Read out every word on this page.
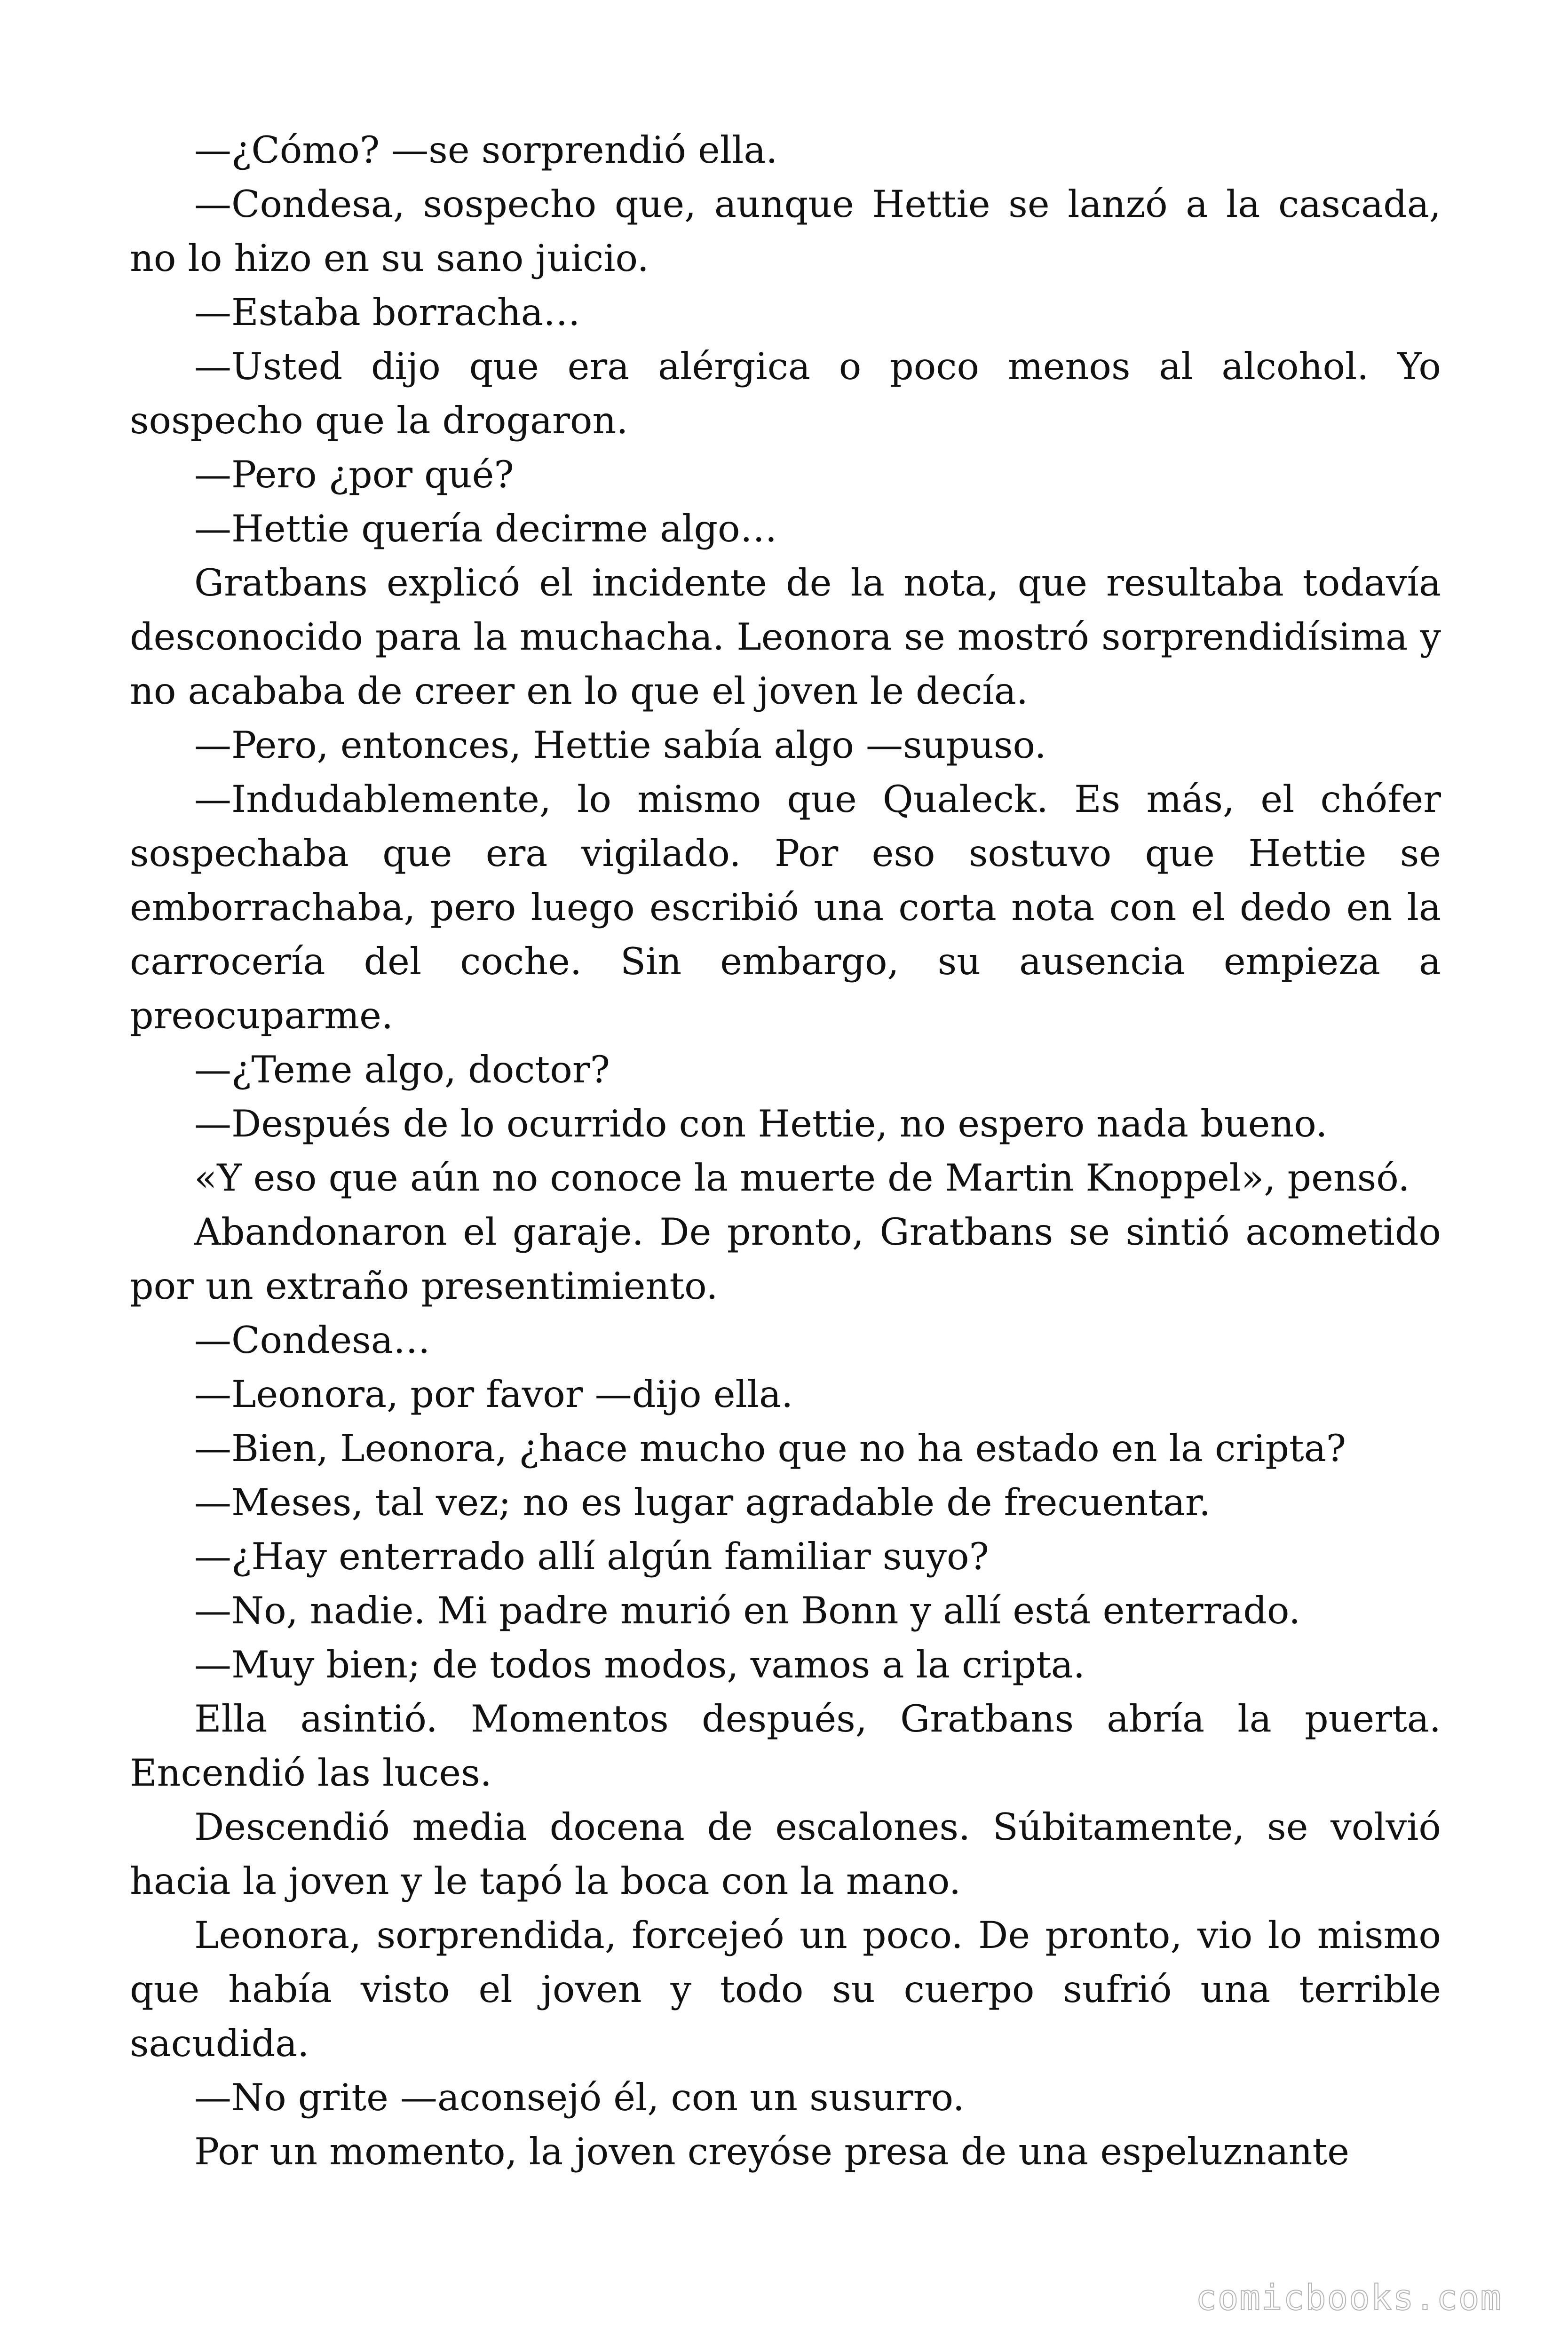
—¿Cómo? —se sorprendió ella.

—Condesa, sospecho que, aunque Hettie se lanzó a la cascada, no lo hizo en su sano juicio.

—Estaba borracha…

—Usted dijo que era alérgica o poco menos al alcohol. Yo sospecho que la drogaron.

—Pero ¿por qué?

—Hettie quería decirme algo…

Gratbans explicó el incidente de la nota, que resultaba todavía desconocido para la muchacha. Leonora se mostró sorprendidísima y no acababa de creer en lo que el joven le decía.

—Pero, entonces, Hettie sabía algo —supuso.

—Indudablemente, lo mismo que Qualeck. Es más, el chófer sospechaba que era vigilado. Por eso sostuvo que Hettie se emborrachaba, pero luego escribió una corta nota con el dedo en la carrocería del coche. Sin embargo, su ausencia empieza a preocuparme.

—¿Teme algo, doctor?

—Después de lo ocurrido con Hettie, no espero nada bueno.

«Y eso que aún no conoce la muerte de Martin Knoppel», pensó.

Abandonaron el garaje. De pronto, Gratbans se sintió acometido por un extraño presentimiento.

—Condesa…

—Leonora, por favor —dijo ella.

—Bien, Leonora, ¿hace mucho que no ha estado en la cripta?

—Meses, tal vez; no es lugar agradable de frecuentar.

—¿Hay enterrado allí algún familiar suyo?

—No, nadie. Mi padre murió en Bonn y allí está enterrado.

—Muy bien; de todos modos, vamos a la cripta.

Ella asintió. Momentos después, Gratbans abría la puerta. Encendió las luces.

Descendió media docena de escalones. Súbitamente, se volvió hacia la joven y le tapó la boca con la mano.

Leonora, sorprendida, forcejeó un poco. De pronto, vio lo mismo que había visto el joven y todo su cuerpo sufrió una terrible sacudida.

—No grite —aconsejó él, con un susurro.

Por un momento, la joven creyóse presa de una espeluznante

comicbooks.com
